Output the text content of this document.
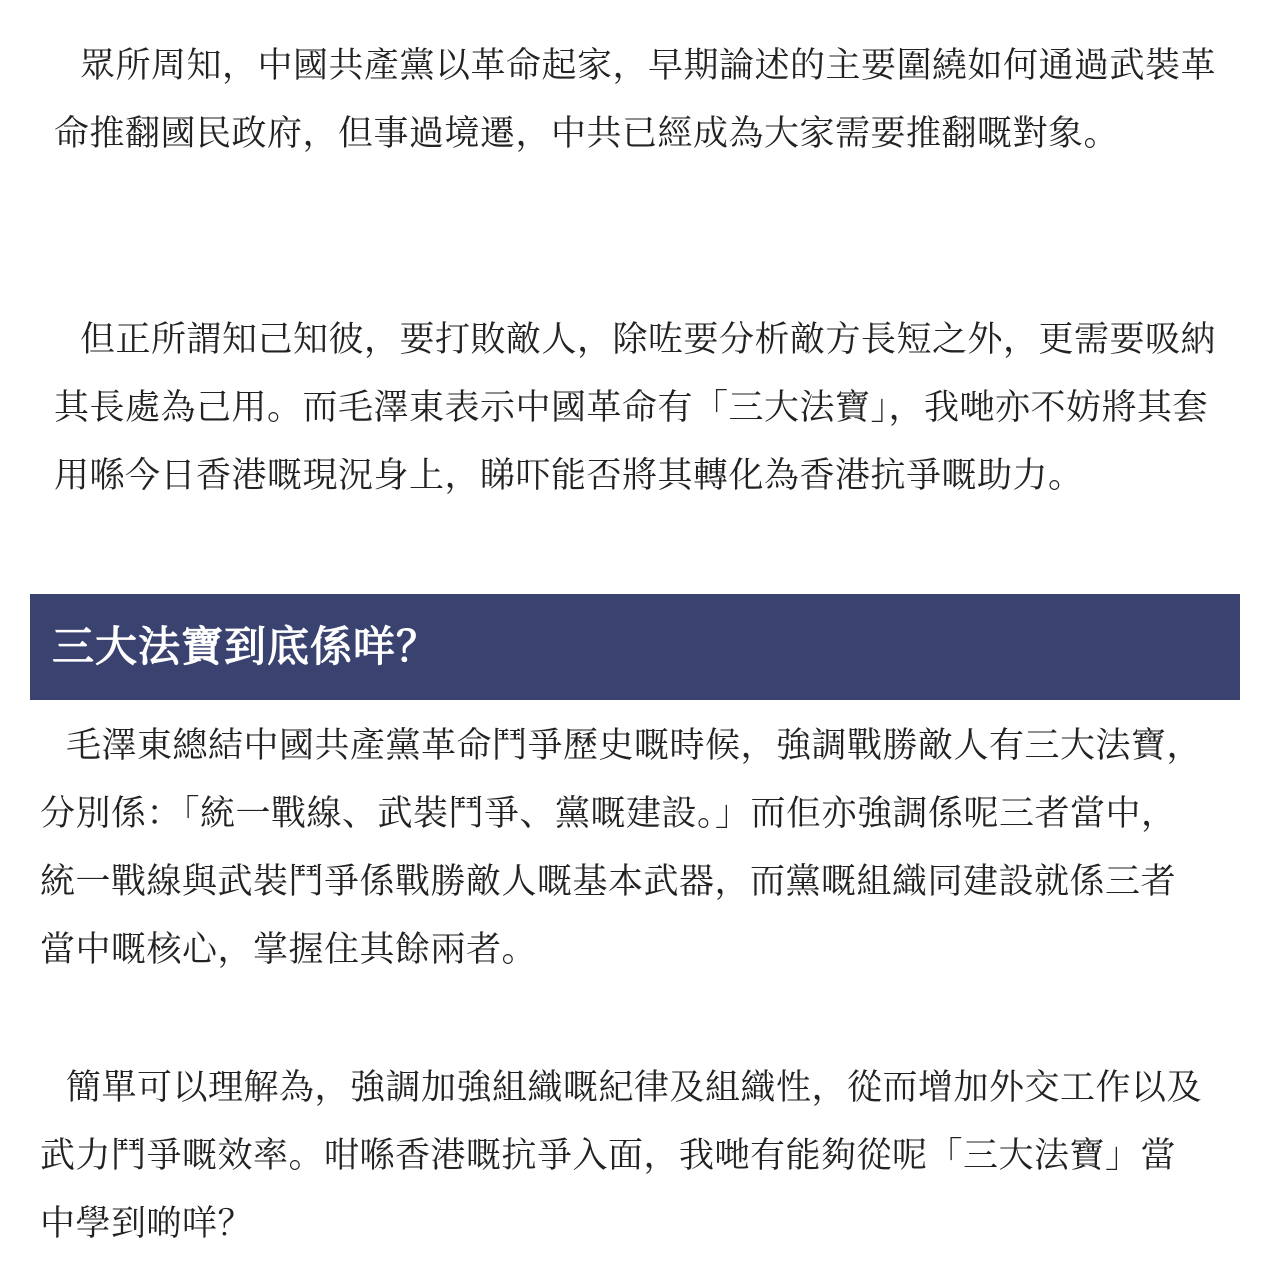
眾所周知，中國共產黨以革命起家，早期論述的主要圍繞如何通過武裝革命推翻國民政府，但事過境遷，中共已經成為大家需要推翻嘅對象。

但正所謂知己知彼，要打敗敵人，除咗要分析敵方長短之外，更需要吸納其長處為己用。而毛澤東表示中國革命有「三大法寶」，我哋亦不妨將其套用喺今日香港嘅現況身上，睇吓能否將其轉化為香港抗爭嘅助力。

三大法寶到底係咩？

毛澤東總結中國共產黨革命鬥爭歷史嘅時候，強調戰勝敵人有三大法寶，分別係：「統一戰線、武裝鬥爭、黨嘅建設。」而佢亦強調係呢三者當中，統一戰線與武裝鬥爭係戰勝敵人嘅基本武器，而黨嘅組織同建設就係三者當中嘅核心，掌握住其餘兩者。

簡單可以理解為，強調加強組織嘅紀律及組織性，從而增加外交工作以及武力鬥爭嘅效率。咁喺香港嘅抗爭入面，我哋有能夠從呢「三大法寶」當中學到啲咩？
